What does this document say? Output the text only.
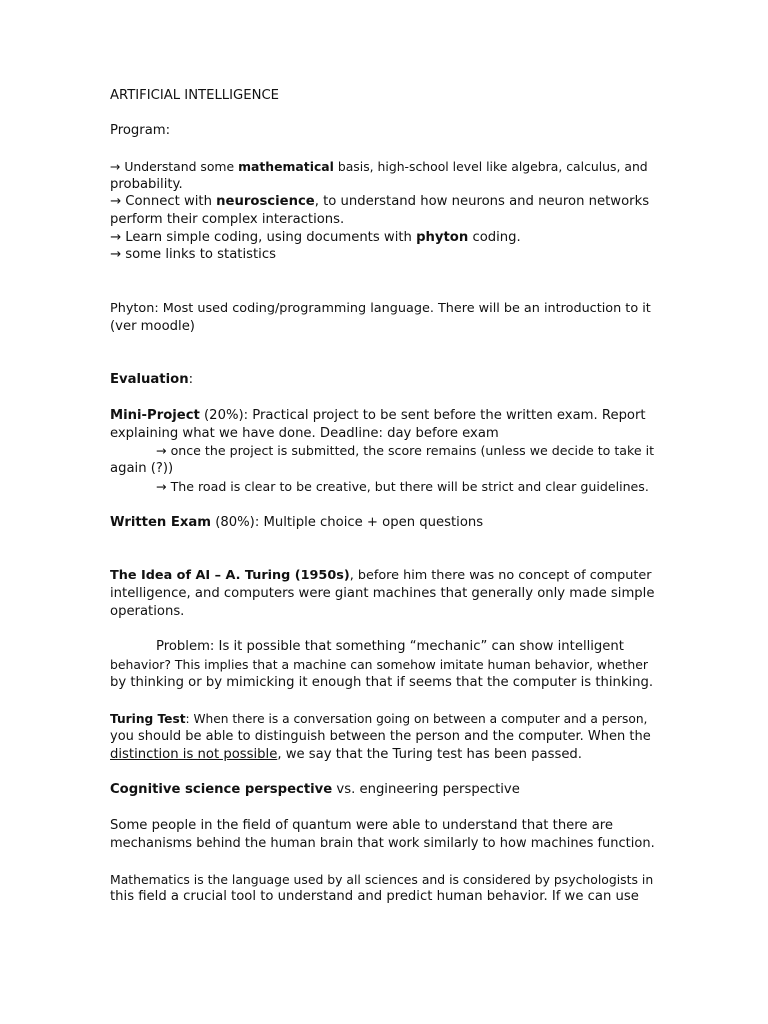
ARTIFICIAL INTELLIGENCE
Program:
→ Understand some mathematical basis, high-school level like algebra, calculus, and
probability.
→ Connect with neuroscience, to understand how neurons and neuron networks
perform their complex interactions.
→ Learn simple coding, using documents with phyton coding.
→ some links to statistics
Phyton: Most used coding/programming language. There will be an introduction to it
(ver moodle)
Evaluation:
Mini-Project (20%): Practical project to be sent before the written exam. Report
explaining what we have done. Deadline: day before exam
→ once the project is submitted, the score remains (unless we decide to take it
again (?))
→ The road is clear to be creative, but there will be strict and clear guidelines.
Written Exam (80%): Multiple choice + open questions
The Idea of AI – A. Turing (1950s), before him there was no concept of computer
intelligence, and computers were giant machines that generally only made simple
operations.
Problem: Is it possible that something “mechanic” can show intelligent
behavior? This implies that a machine can somehow imitate human behavior, whether
by thinking or by mimicking it enough that if seems that the computer is thinking.
Turing Test: When there is a conversation going on between a computer and a person,
you should be able to distinguish between the person and the computer. When the
distinction is not possible, we say that the Turing test has been passed.
Cognitive science perspective vs. engineering perspective
Some people in the field of quantum were able to understand that there are
mechanisms behind the human brain that work similarly to how machines function.
Mathematics is the language used by all sciences and is considered by psychologists in
this field a crucial tool to understand and predict human behavior. If we can use
